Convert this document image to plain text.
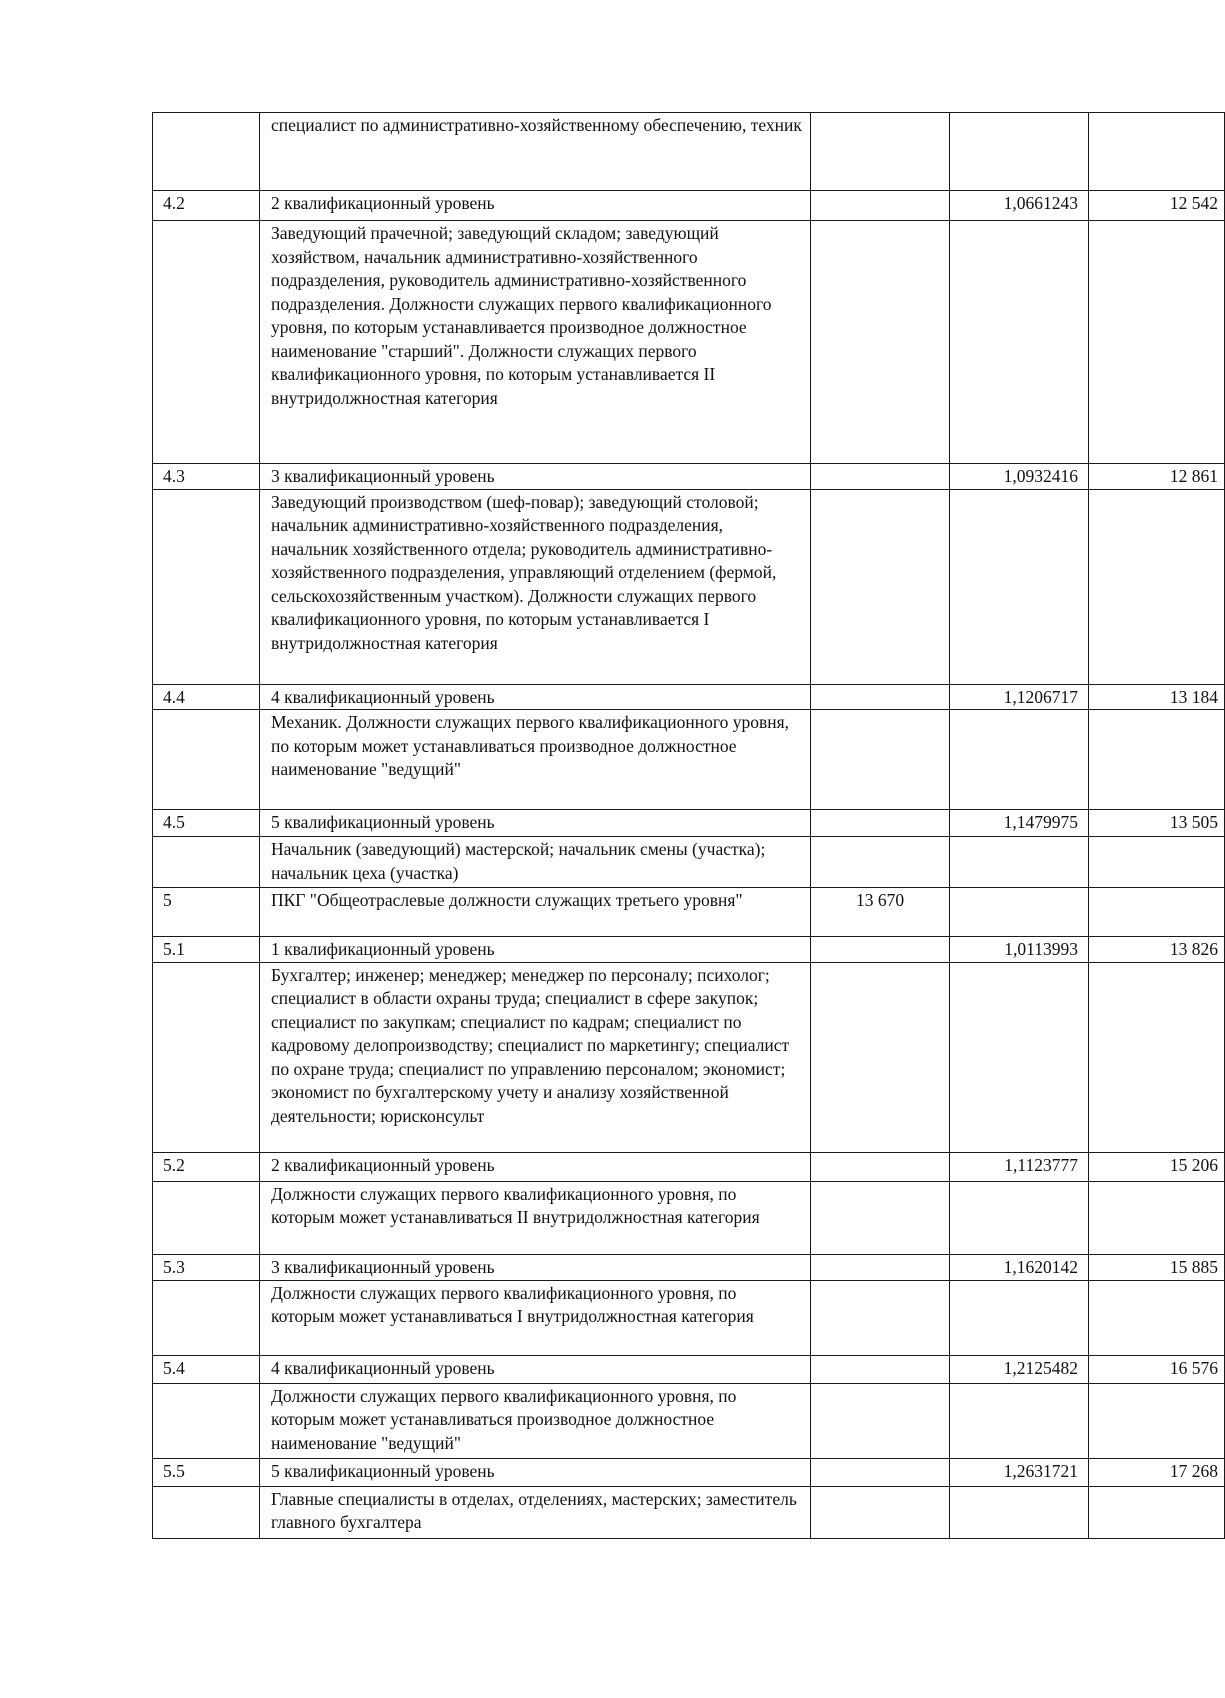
	специалист по административно-хозяйственному обеспечению, техник			
4.2	2 квалификационный уровень		1,0661243	12 542
	Заведующий прачечной; заведующий складом; заведующий хозяйством, начальник административно-хозяйственного подразделения, руководитель административно-хозяйственного подразделения. Должности служащих первого квалификационного уровня, по которым устанавливается производное должностное наименование "старший". Должности служащих первого квалификационного уровня, по которым устанавливается II внутридолжностная категория			
4.3	3 квалификационный уровень		1,0932416	12 861
	Заведующий производством (шеф-повар); заведующий столовой; начальник административно-хозяйственного подразделения, начальник хозяйственного отдела; руководитель административно-хозяйственного подразделения, управляющий отделением (фермой, сельскохозяйственным участком). Должности служащих первого квалификационного уровня, по которым устанавливается I внутридолжностная категория			
4.4	4 квалификационный уровень		1,1206717	13 184
	Механик. Должности служащих первого квалификационного уровня, по которым может устанавливаться производное должностное наименование "ведущий"			
4.5	5 квалификационный уровень		1,1479975	13 505
	Начальник (заведующий) мастерской; начальник смены (участка); начальник цеха (участка)			
5	ПКГ "Общеотраслевые должности служащих третьего уровня"	13 670		
5.1	1 квалификационный уровень		1,0113993	13 826
	Бухгалтер; инженер; менеджер; менеджер по персоналу; психолог; специалист в области охраны труда; специалист в сфере закупок; специалист по закупкам; специалист по кадрам; специалист по кадровому делопроизводству; специалист по маркетингу; специалист по охране труда; специалист по управлению персоналом; экономист; экономист по бухгалтерскому учету и анализу хозяйственной деятельности; юрисконсульт			
5.2	2 квалификационный уровень		1,1123777	15 206
	Должности служащих первого квалификационного уровня, по которым может устанавливаться II внутридолжностная категория			
5.3	3 квалификационный уровень		1,1620142	15 885
	Должности служащих первого квалификационного уровня, по которым может устанавливаться I внутридолжностная категория			
5.4	4 квалификационный уровень		1,2125482	16 576
	Должности служащих первого квалификационного уровня, по которым может устанавливаться производное должностное наименование "ведущий"			
5.5	5 квалификационный уровень		1,2631721	17 268
	Главные специалисты в отделах, отделениях, мастерских; заместитель главного бухгалтера			
